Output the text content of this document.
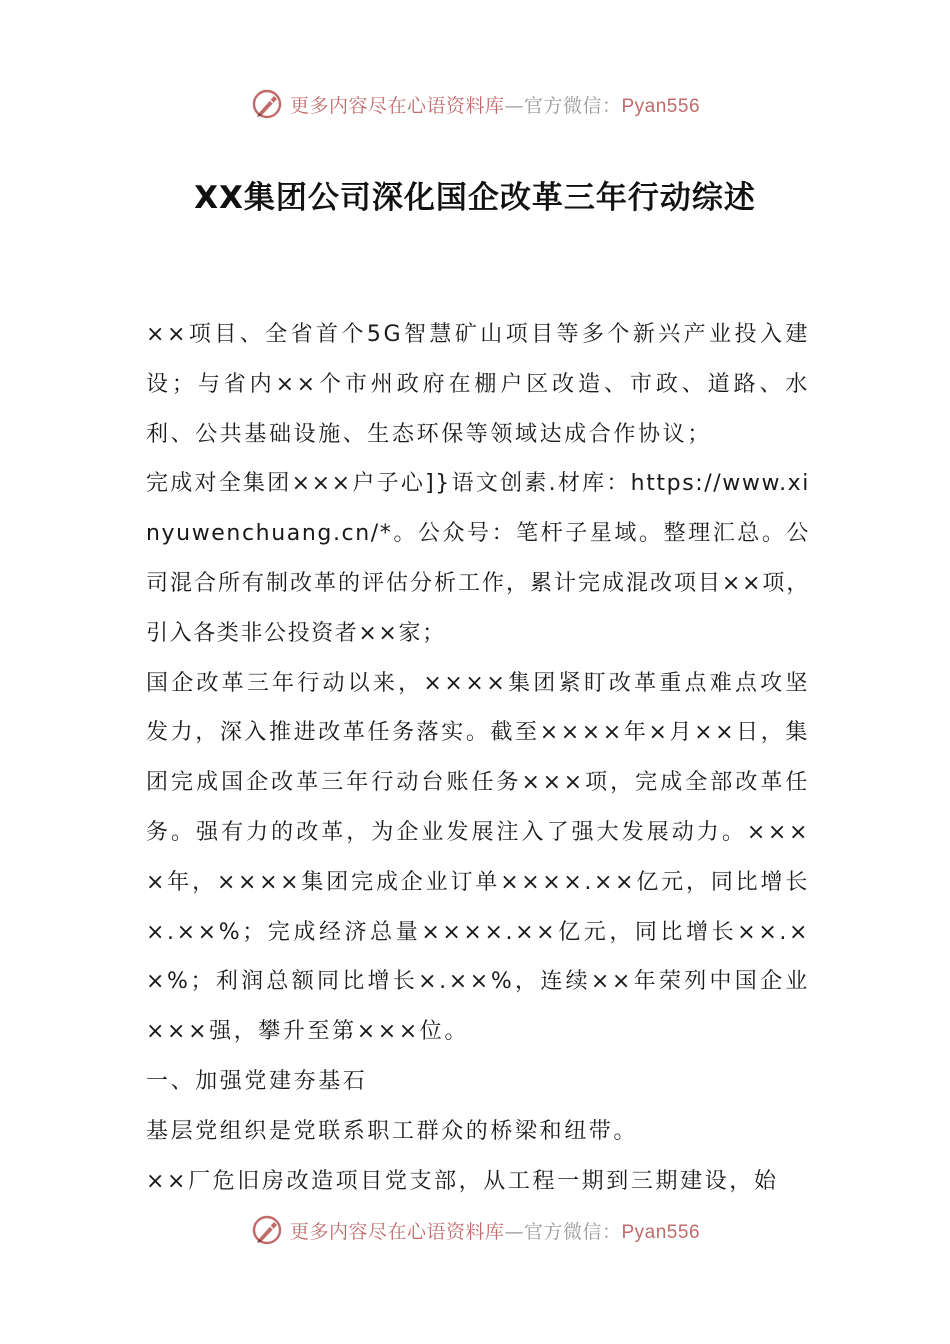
更多内容尽在心语资料库—官方微信：Pyan556
XX集团公司深化国企改革三年行动综述

××项目、全省首个5G智慧矿山项目等多个新兴产业投入建设；与省内××个市州政府在棚户区改造、市政、道路、水利、公共基础设施、生态环保等领域达成合作协议；

完成对全集团×××户子心]}语文创素.材库：https://www.xinyuwenchuang.cn/*。公众号：笔杆子星域。整理汇总。公司混合所有制改革的评估分析工作，累计完成混改项目××项，引入各类非公投资者××家；

国企改革三年行动以来，××××集团紧盯改革重点难点攻坚发力，深入推进改革任务落实。截至××××年×月××日，集团完成国企改革三年行动台账任务×××项，完成全部改革任务。强有力的改革，为企业发展注入了强大发展动力。××××年，××××集团完成企业订单××××.××亿元，同比增长×.××%；完成经济总量××××.××亿元，同比增长××.××%；利润总额同比增长×.××%，连续××年荣列中国企业×××强，攀升至第×××位。

一、加强党建夯基石

基层党组织是党联系职工群众的桥梁和纽带。

××厂危旧房改造项目党支部，从工程一期到三期建设，始

更多内容尽在心语资料库—官方微信：Pyan556
